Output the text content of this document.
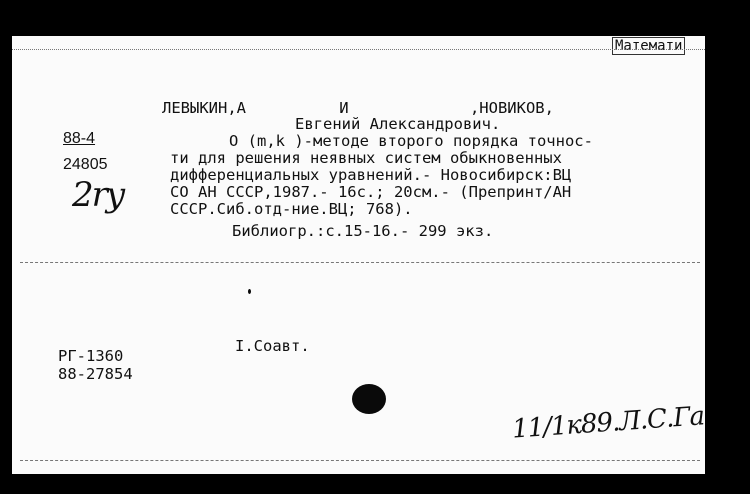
Математи
ЛЕВЫКИН,А          И             ,НОВИКОВ,
Евгений Александрович.
88-4
24805
2ry
O (m,k )-методе второго порядка точнос-
ти для решения неявных систем обыкновенных
дифференциальных уравнений.- Новосибирск:ВЦ
СО АН СССР,1987.- 16с.; 20см.- (Препринт/АН
СССР.Сиб.отд-ние.ВЦ; 768).
Библиогр.:с.15-16.- 299 экз.
I.Соавт.
РГ-1360
88-27854
11/1к89.Л.С.Га
